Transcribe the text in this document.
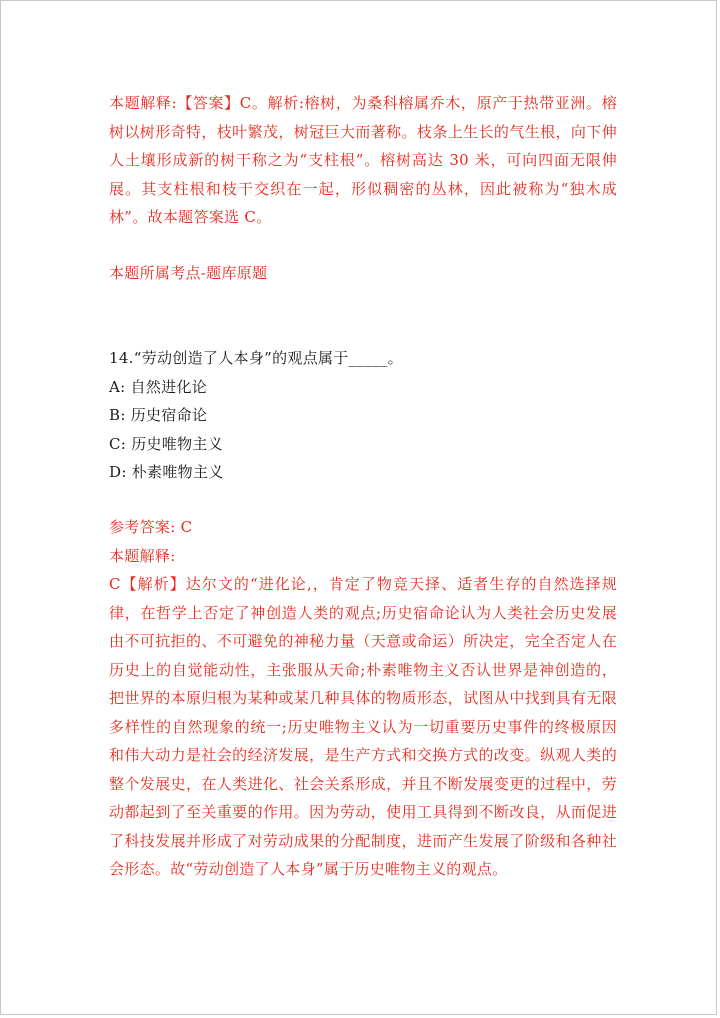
本题解释:【答案】C。解析:榕树，为桑科榕属乔木，原产于热带亚洲。榕树以树形奇特，枝叶繁茂，树冠巨大而著称。枝条上生长的气生根，向下伸人土壤形成新的树干称之为“支柱根”。榕树高达 30 米，可向四面无限伸展。其支柱根和枝干交织在一起，形似稠密的丛林，因此被称为“独木成林”。故本题答案选 C。

本题所属考点-题库原题

14.“劳动创造了人本身”的观点属于_____。

A: 自然进化论

B: 历史宿命论

C: 历史唯物主义

D: 朴素唯物主义

参考答案: C

本题解释:

C【解析】达尔文的“进化论,，肯定了物竞天择、适者生存的自然选择规律，在哲学上否定了神创造人类的观点;历史宿命论认为人类社会历史发展由不可抗拒的、不可避免的神秘力量（天意或命运）所决定，完全否定人在历史上的自觉能动性，主张服从天命;朴素唯物主义否认世界是神创造的，把世界的本原归根为某种或某几种具体的物质形态，试图从中找到具有无限多样性的自然现象的统一;历史唯物主义认为一切重要历史事件的终极原因和伟大动力是社会的经济发展，是生产方式和交换方式的改变。纵观人类的整个发展史，在人类进化、社会关系形成，并且不断发展变更的过程中，劳动都起到了至关重要的作用。因为劳动，使用工具得到不断改良，从而促进了科技发展并形成了对劳动成果的分配制度，进而产生发展了阶级和各种社会形态。故“劳动创造了人本身”属于历史唯物主义的观点。
